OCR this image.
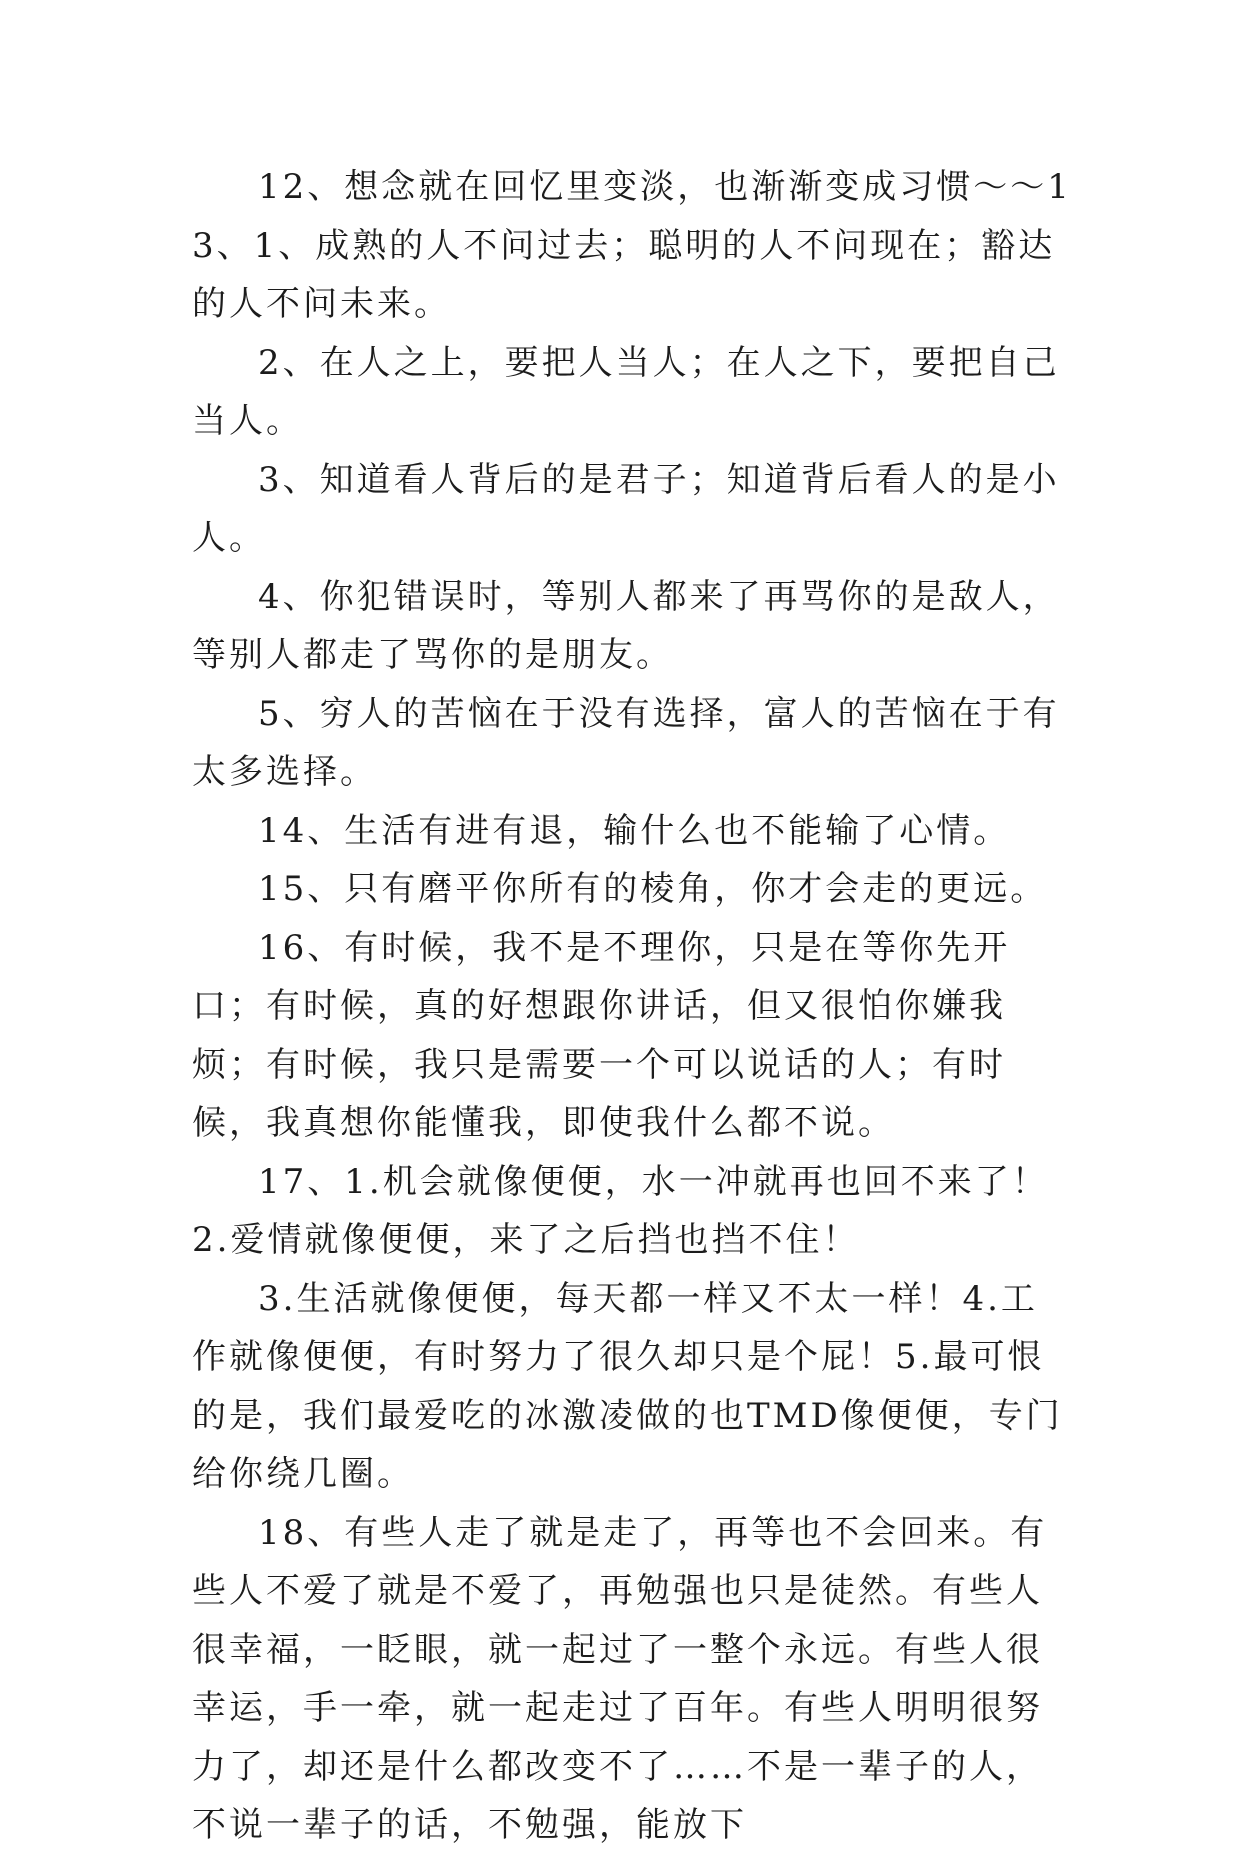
12、想念就在回忆里变淡，也渐渐变成习惯～～13、1、成熟的人不问过去；聪明的人不问现在；豁达的人不问未来。

2、在人之上，要把人当人；在人之下，要把自己当人。

3、知道看人背后的是君子；知道背后看人的是小人。

4、你犯错误时，等别人都来了再骂你的是敌人，等别人都走了骂你的是朋友。

5、穷人的苦恼在于没有选择，富人的苦恼在于有太多选择。

14、生活有进有退，输什么也不能输了心情。

15、只有磨平你所有的棱角，你才会走的更远。

16、有时候，我不是不理你，只是在等你先开口；有时候，真的好想跟你讲话，但又很怕你嫌我烦；有时候，我只是需要一个可以说话的人；有时候，我真想你能懂我，即使我什么都不说。

17、1.机会就像便便，水一冲就再也回不来了！2.爱情就像便便，来了之后挡也挡不住！

3.生活就像便便，每天都一样又不太一样！4.工作就像便便，有时努力了很久却只是个屁！5.最可恨的是，我们最爱吃的冰激凌做的也TMD像便便，专门给你绕几圈。

18、有些人走了就是走了，再等也不会回来。有些人不爱了就是不爱了，再勉强也只是徒然。有些人很幸福，一眨眼，就一起过了一整个永远。有些人很幸运，手一牵，就一起走过了百年。有些人明明很努力了，却还是什么都改变不了……不是一辈子的人，不说一辈子的话，不勉强，能放下
